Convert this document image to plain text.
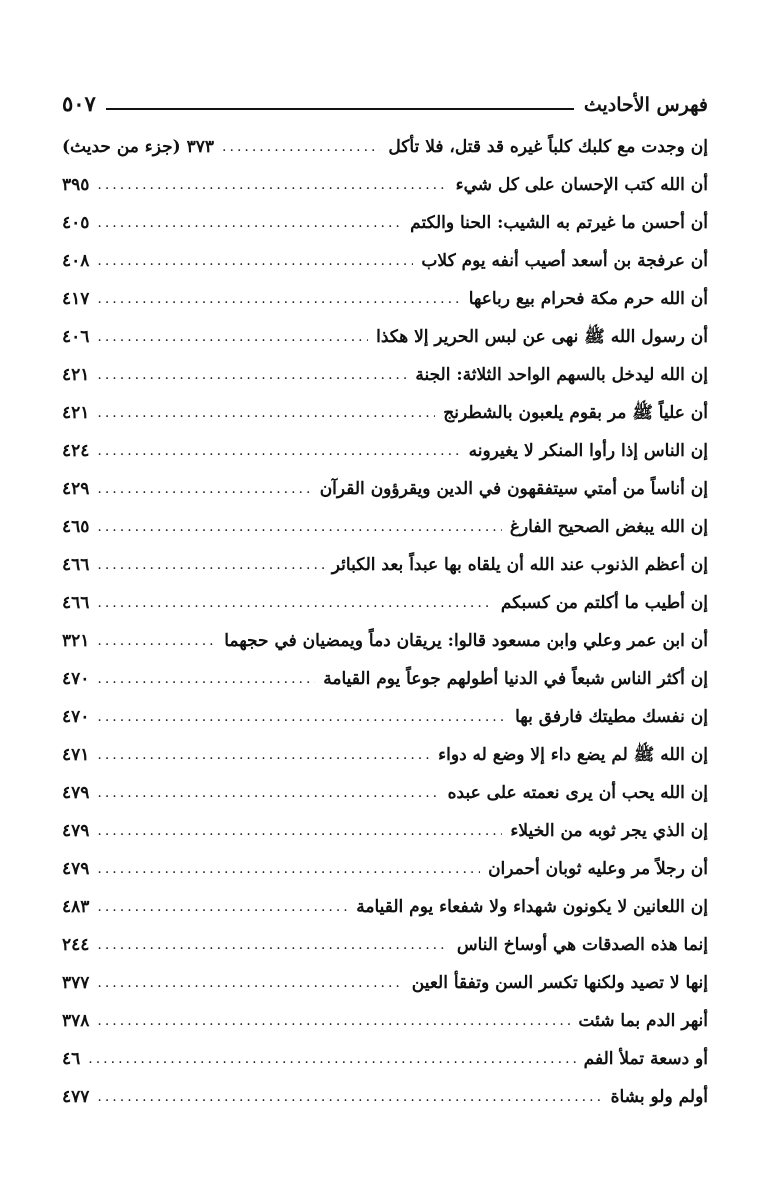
فهرس الأحاديث
٥٠٧
إن وجدت مع كلبك كلباً غيره قد قتل، فلا تأكل
.....
٣٧٣ (جزء من حديث)
أن الله كتب الإحسان على كل شيء
.....
٣٩٥
أن أحسن ما غيرتم به الشيب: الحنا والكتم
.....
٤٠٥
أن عرفجة بن أسعد أصيب أنفه يوم كلاب
.....
٤٠٨
أن الله حرم مكة فحرام بيع رباعها
.....
٤١٧
أن رسول الله ﷺ نهى عن لبس الحرير إلا هكذا
.....
٤٠٦
إن الله ليدخل بالسهم الواحد الثلاثة: الجنة
.....
٤٢١
أن علياً ﷺ مر بقوم يلعبون بالشطرنج
.....
٤٢١
إن الناس إذا رأوا المنكر لا يغيرونه
.....
٤٢٤
إن أناساً من أمتي سيتفقهون في الدين ويقرؤون القرآن
.....
٤٢٩
إن الله يبغض الصحيح الفارغ
.....
٤٦٥
إن أعظم الذنوب عند الله أن يلقاه بها عبداً بعد الكبائر
.....
٤٦٦
إن أطيب ما أكلتم من كسبكم
.....
٤٦٦
أن ابن عمر وعلي وابن مسعود قالوا: يريقان دماً ويمضيان في حجهما
.....
٣٢١
إن أكثر الناس شبعاً في الدنيا أطولهم جوعاً يوم القيامة
.....
٤٧٠
إن نفسك مطيتك فارفق بها
.....
٤٧٠
إن الله ﷺ لم يضع داء إلا وضع له دواء
.....
٤٧١
إن الله يحب أن يرى نعمته على عبده
.....
٤٧٩
إن الذي يجر ثوبه من الخيلاء
.....
٤٧٩
أن رجلاً مر وعليه ثوبان أحمران
.....
٤٧٩
إن اللعانين لا يكونون شهداء ولا شفعاء يوم القيامة
.....
٤٨٣
إنما هذه الصدقات هي أوساخ الناس
.....
٢٤٤
إنها لا تصيد ولكنها تكسر السن وتفقأ العين
.....
٣٧٧
أنهر الدم بما شئت
.....
٣٧٨
أو دسعة تملأ الفم
.....
٤٦
أولم ولو بشاة
.....
٤٧٧
